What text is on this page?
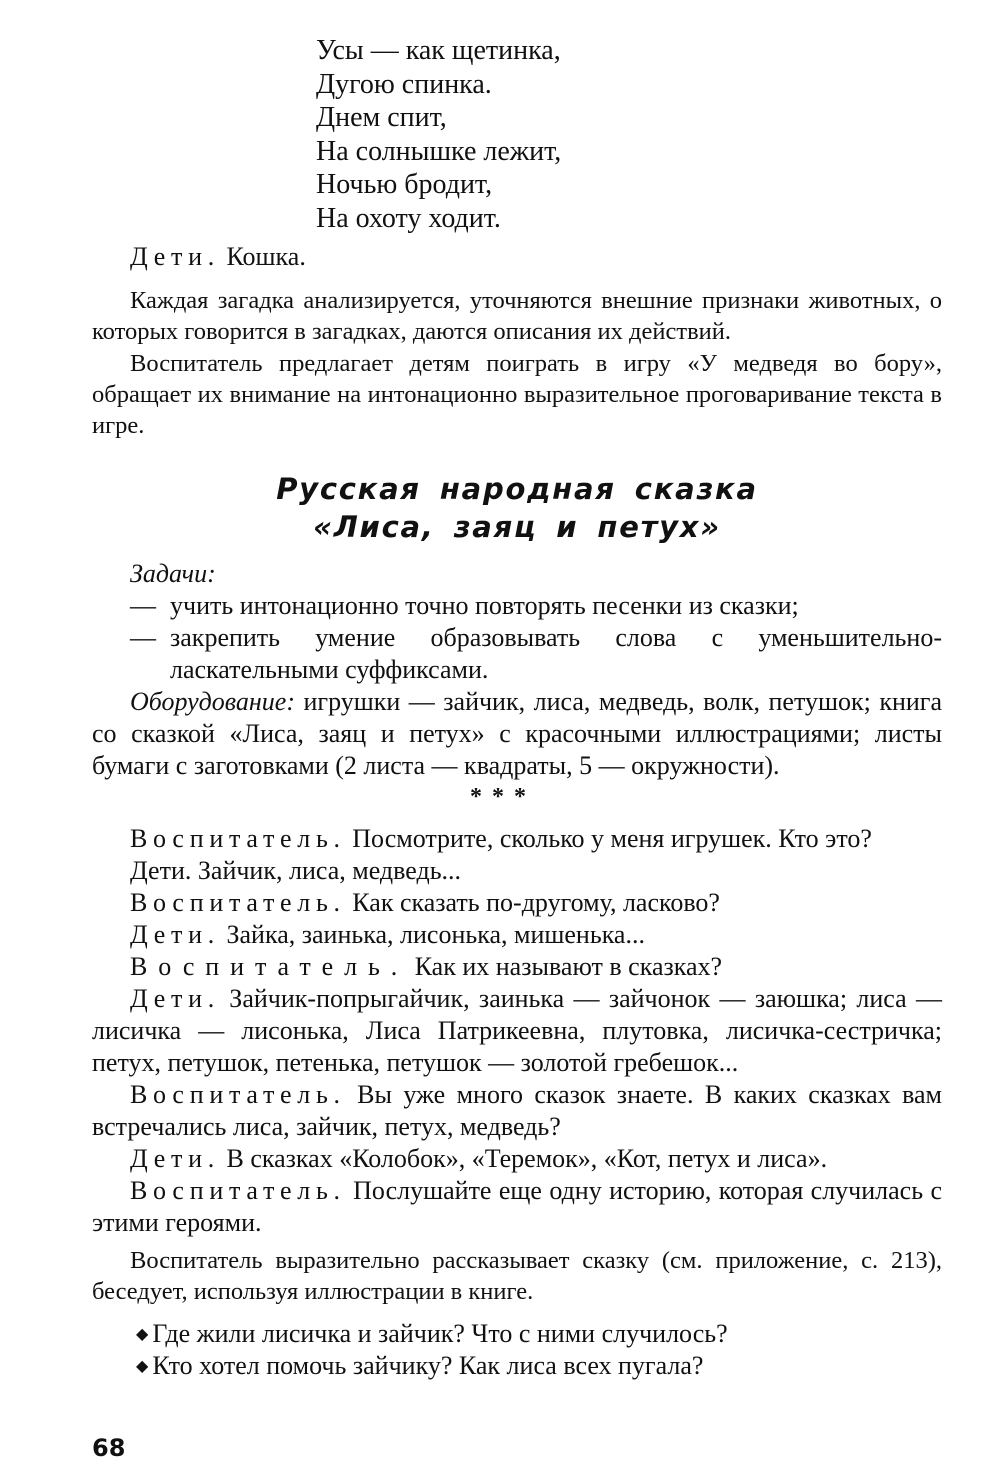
Усы — как щетинка,
Дугою спинка.
Днем спит,
На солнышке лежит,
Ночью бродит,
На охоту ходит.

Дети. Кошка.

Каждая загадка анализируется, уточняются внешние признаки животных, о которых говорится в загадках, даются описания их действий.

Воспитатель предлагает детям поиграть в игру «У медведя во бору», обращает их внимание на интонационно выразительное проговаривание текста в игре.

Русская народная сказка
«Лиса, заяц и петух»

Задачи:

— учить интонационно точно повторять песенки из сказки;
— закрепить умение образовывать слова с уменьшительно-ласкательными суффиксами.

Оборудование: игрушки — зайчик, лиса, медведь, волк, петушок; книга со сказкой «Лиса, заяц и петух» с красочными иллюстрациями; листы бумаги с заготовками (2 листа — квадраты, 5 — окружности).

***

Воспитатель. Посмотрите, сколько у меня игрушек. Кто это?

Дети. Зайчик, лиса, медведь...

Воспитатель. Как сказать по-другому, ласково?

Дети. Зайка, заинька, лисонька, мишенька...

Воспитатель. Как их называют в сказках?

Дети. Зайчик-попрыгайчик, заинька — зайчонок — заюшка; лиса — лисичка — лисонька, Лиса Патрикеевна, плутовка, лисичка-сестричка; петух, петушок, петенька, петушок — золотой гребешок...

Воспитатель. Вы уже много сказок знаете. В каких сказках вам встречались лиса, зайчик, петух, медведь?

Дети. В сказках «Колобок», «Теремок», «Кот, петух и лиса».

Воспитатель. Послушайте еще одну историю, которая случилась с этими героями.

Воспитатель выразительно рассказывает сказку (см. приложение, с. 213), беседует, используя иллюстрации в книге.

◆ Где жили лисичка и зайчик? Что с ними случилось?
◆ Кто хотел помочь зайчику? Как лиса всех пугала?
68
